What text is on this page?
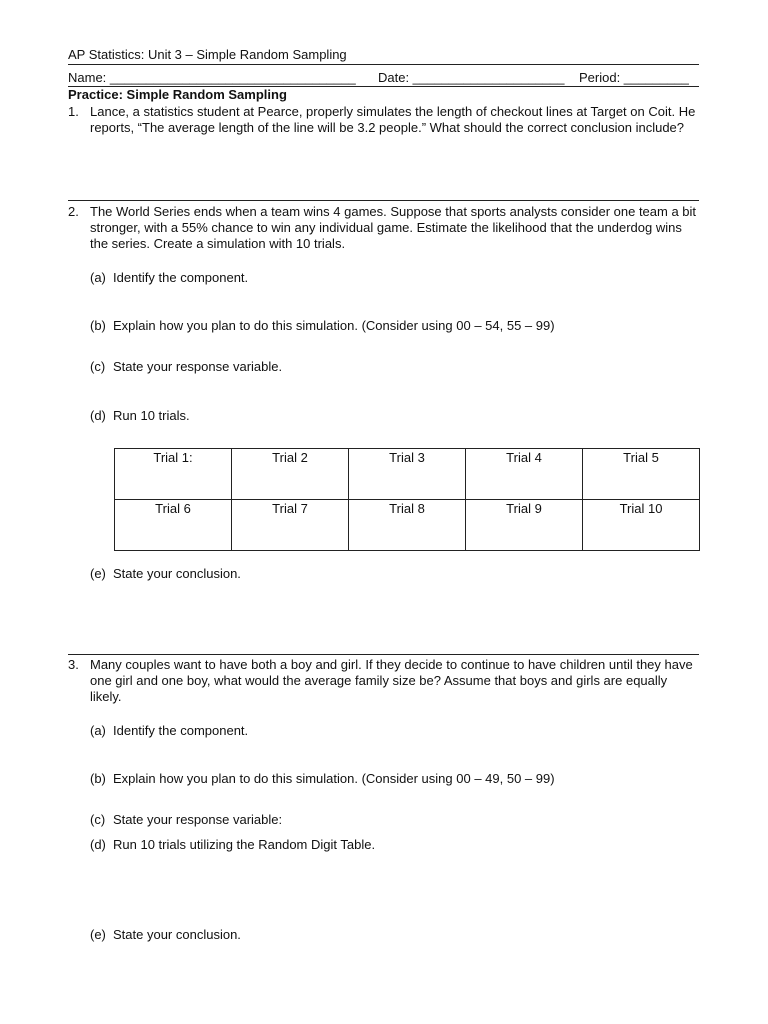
AP Statistics: Unit 3 – Simple Random Sampling
Name: __________________________________ Date: _____________________ Period: _________
Practice: Simple Random Sampling
1. Lance, a statistics student at Pearce, properly simulates the length of checkout lines at Target on Coit. He reports, “The average length of the line will be 3.2 people.” What should the correct conclusion include?
2. The World Series ends when a team wins 4 games. Suppose that sports analysts consider one team a bit stronger, with a 55% chance to win any individual game. Estimate the likelihood that the underdog wins the series. Create a simulation with 10 trials.
(a) Identify the component.
(b) Explain how you plan to do this simulation. (Consider using 00 – 54, 55 – 99)
(c) State your response variable.
(d) Run 10 trials.
Trial 1:	Trial 2	Trial 3	Trial 4	Trial 5
Trial 6	Trial 7	Trial 8	Trial 9	Trial 10
(e) State your conclusion.
3. Many couples want to have both a boy and girl. If they decide to continue to have children until they have one girl and one boy, what would the average family size be? Assume that boys and girls are equally likely.
(a) Identify the component.
(b) Explain how you plan to do this simulation. (Consider using 00 – 49, 50 – 99)
(c) State your response variable:
(d) Run 10 trials utilizing the Random Digit Table.
(e) State your conclusion.
